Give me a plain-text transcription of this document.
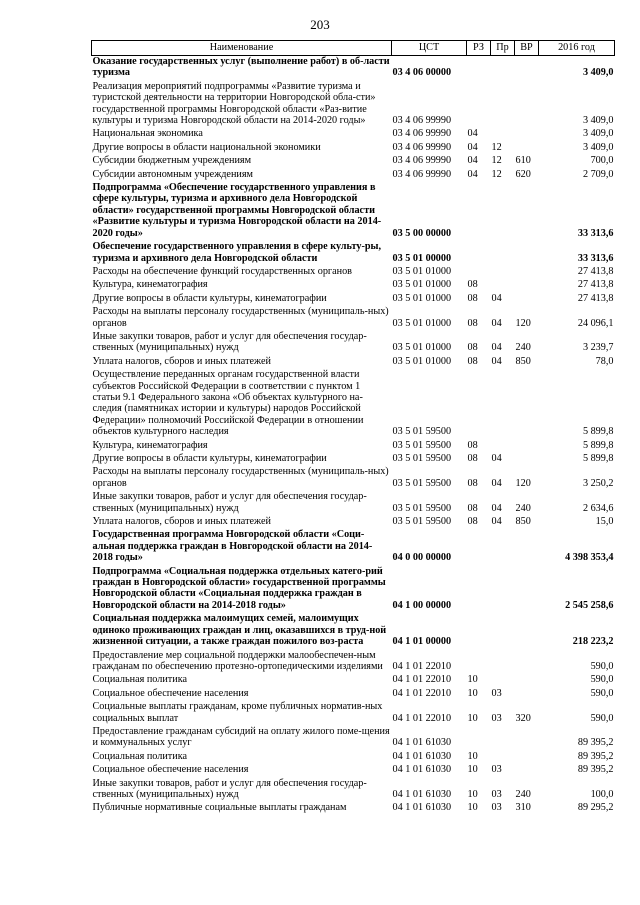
203
Наименование	ЦСТ	РЗ	Пр	ВР	2016 год
Оказание государственных услуг (выполнение работ) в об-ласти туризма	03 4 06 00000				3 409,0
Реализация мероприятий подпрограммы «Развитие туризма и туристской деятельности на территории Новгородской обла-сти» государственной программы Новгородской области «Раз-витие культуры и туризма Новгородской области на 2014-2020 годы»	03 4 06 99990				3 409,0
Национальная экономика	03 4 06 99990	04			3 409,0
Другие вопросы в области национальной экономики	03 4 06 99990	04	12		3 409,0
Субсидии бюджетным учреждениям	03 4 06 99990	04	12	610	700,0
Субсидии автономным учреждениям	03 4 06 99990	04	12	620	2 709,0
Подпрограмма «Обеспечение государственного управления в сфере культуры, туризма и архивного дела Новгородской области» государственной программы Новгородской области «Развитие культуры и туризма Новгородской области на 2014-2020 годы»	03 5 00 00000				33 313,6
Обеспечение государственного управления в сфере культу-ры, туризма и архивного дела Новгородской области	03 5 01 00000				33 313,6
Расходы на обеспечение функций государственных органов	03 5 01 01000				27 413,8
Культура, кинематография	03 5 01 01000	08			27 413,8
Другие вопросы в области культуры, кинематографии	03 5 01 01000	08	04		27 413,8
Расходы на выплаты персоналу государственных (муниципаль-ных) органов	03 5 01 01000	08	04	120	24 096,1
Иные закупки товаров, работ и услуг для обеспечения государ-ственных (муниципальных) нужд	03 5 01 01000	08	04	240	3 239,7
Уплата налогов, сборов и иных платежей	03 5 01 01000	08	04	850	78,0
Осуществление переданных органам государственной власти субъектов Российской Федерации в соответствии с пунктом 1 статьи 9.1 Федерального закона «Об объектах культурного на-следия (памятниках истории и культуры) народов Российской Федерации» полномочий Российской Федерации в отношении объектов культурного наследия	03 5 01 59500				5 899,8
Культура, кинематография	03 5 01 59500	08			5 899,8
Другие вопросы в области культуры, кинематографии	03 5 01 59500	08	04		5 899,8
Расходы на выплаты персоналу государственных (муниципаль-ных) органов	03 5 01 59500	08	04	120	3 250,2
Иные закупки товаров, работ и услуг для обеспечения государ-ственных (муниципальных) нужд	03 5 01 59500	08	04	240	2 634,6
Уплата налогов, сборов и иных платежей	03 5 01 59500	08	04	850	15,0
Государственная программа Новгородской области «Соци-альная поддержка граждан в Новгородской области на 2014-2018 годы»	04 0 00 00000				4 398 353,4
Подпрограмма «Социальная поддержка отдельных катего-рий граждан в Новгородской области» государственной программы Новгородской области «Социальная поддержка граждан в Новгородской области на 2014-2018 годы»	04 1 00 00000				2 545 258,6
Социальная поддержка малоимущих семей, малоимущих одиноко проживающих граждан и лиц, оказавшихся в труд-ной жизненной ситуации, а также граждан пожилого воз-раста	04 1 01 00000				218 223,2
Предоставление мер социальной поддержки малообеспечен-ным гражданам по обеспечению протезно-ортопедическими изделиями	04 1 01 22010				590,0
Социальная политика	04 1 01 22010	10			590,0
Социальное обеспечение населения	04 1 01 22010	10	03		590,0
Социальные выплаты гражданам, кроме публичных норматив-ных социальных выплат	04 1 01 22010	10	03	320	590,0
Предоставление гражданам субсидий на оплату жилого поме-щения и коммунальных услуг	04 1 01 61030				89 395,2
Социальная политика	04 1 01 61030	10			89 395,2
Социальное обеспечение населения	04 1 01 61030	10	03		89 395,2
Иные закупки товаров, работ и услуг для обеспечения государ-ственных (муниципальных) нужд	04 1 01 61030	10	03	240	100,0
Публичные нормативные социальные выплаты гражданам	04 1 01 61030	10	03	310	89 295,2
